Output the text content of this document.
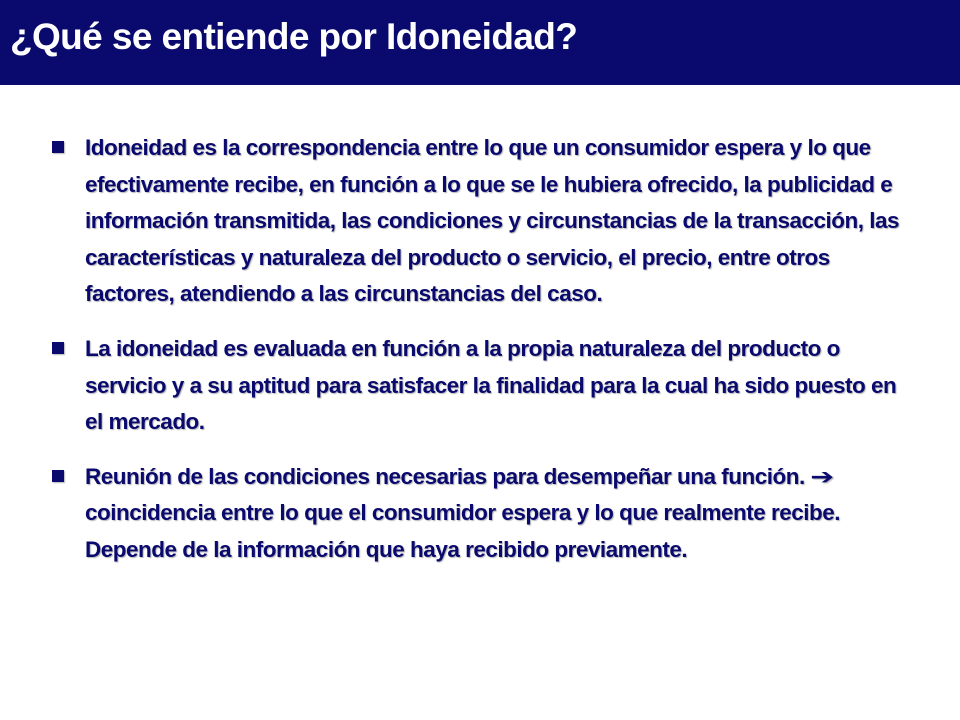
¿Qué se entiende por Idoneidad?
Idoneidad es la correspondencia entre lo que un consumidor espera y lo que efectivamente recibe, en función a lo que se le hubiera ofrecido, la publicidad e información transmitida, las condiciones y circunstancias de la transacción, las características y naturaleza del producto o servicio, el precio, entre otros factores, atendiendo a las circunstancias del caso.
La idoneidad es evaluada en función a la propia naturaleza del producto o servicio y a su aptitud para satisfacer la finalidad para la cual ha sido puesto en el mercado.
Reunión de las condiciones necesarias para desempeñar una función. ➔ coincidencia entre lo que el consumidor espera y lo que realmente recibe. Depende de la información que haya recibido previamente.
